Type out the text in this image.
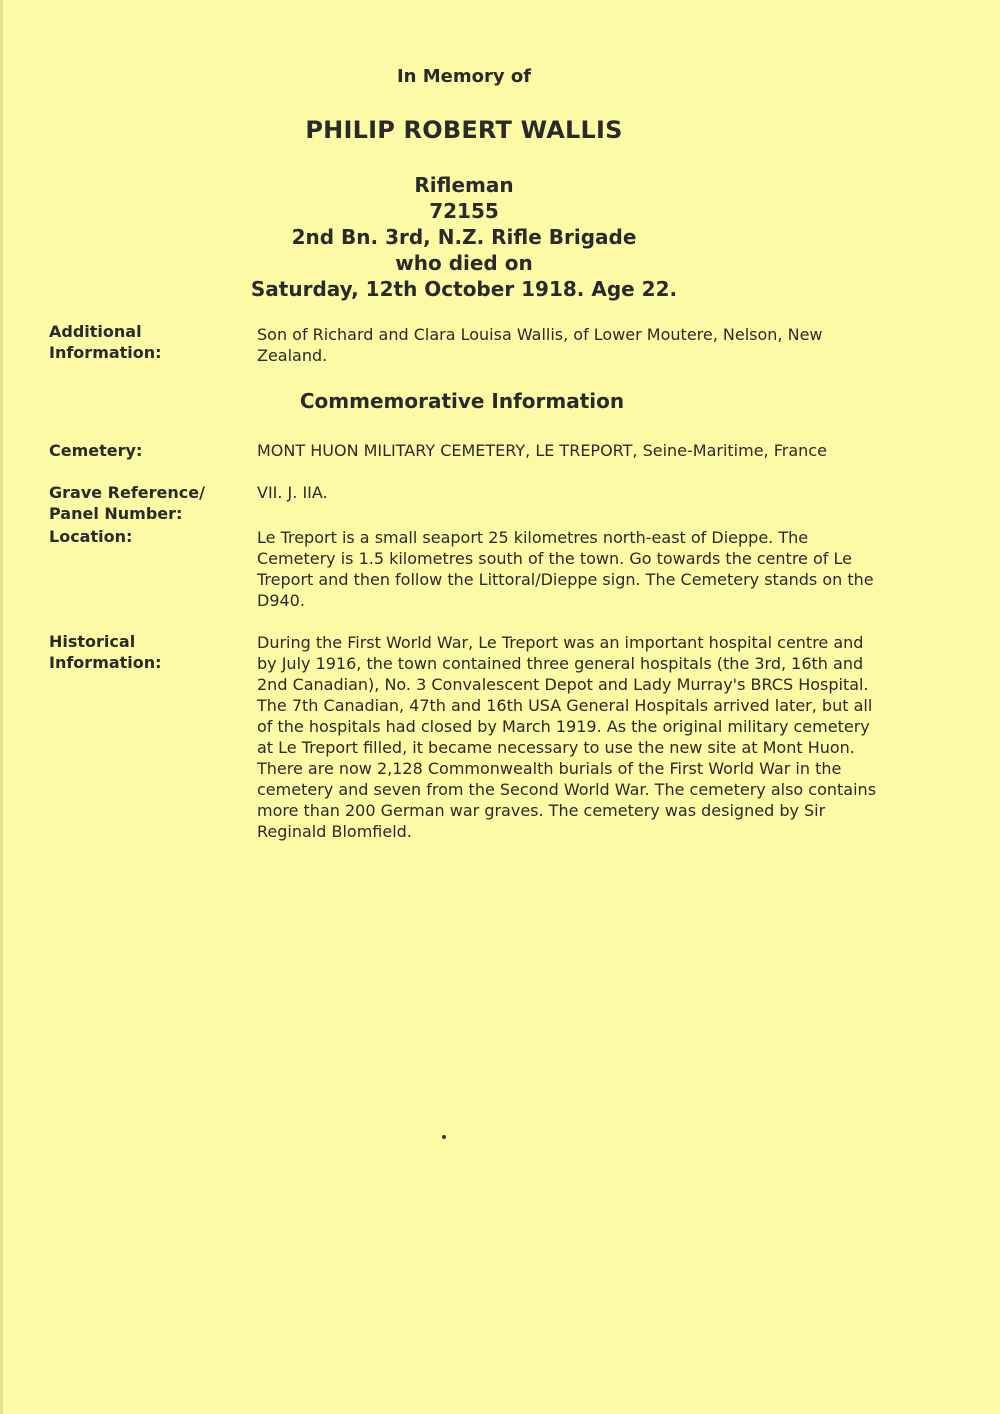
In Memory of
PHILIP ROBERT WALLIS
Rifleman
72155
2nd Bn. 3rd, N.Z. Rifle Brigade
who died on
Saturday, 12th October 1918. Age 22.
Additional
Information:
Son of Richard and Clara Louisa Wallis, of Lower Moutere, Nelson, New Zealand.
Commemorative Information
Cemetery:	MONT HUON MILITARY CEMETERY, LE TREPORT, Seine-Maritime, France
Grave Reference/
Panel Number:
VII. J. IIA.
Location:	Le Treport is a small seaport 25 kilometres north-east of Dieppe. The Cemetery is 1.5 kilometres south of the town. Go towards the centre of Le Treport and then follow the Littoral/Dieppe sign. The Cemetery stands on the D940.
Historical
Information:
During the First World War, Le Treport was an important hospital centre and by July 1916, the town contained three general hospitals (the 3rd, 16th and 2nd Canadian), No. 3 Convalescent Depot and Lady Murray's BRCS Hospital. The 7th Canadian, 47th and 16th USA General Hospitals arrived later, but all of the hospitals had closed by March 1919. As the original military cemetery at Le Treport filled, it became necessary to use the new site at Mont Huon. There are now 2,128 Commonwealth burials of the First World War in the cemetery and seven from the Second World War. The cemetery also contains more than 200 German war graves. The cemetery was designed by Sir Reginald Blomfield.
